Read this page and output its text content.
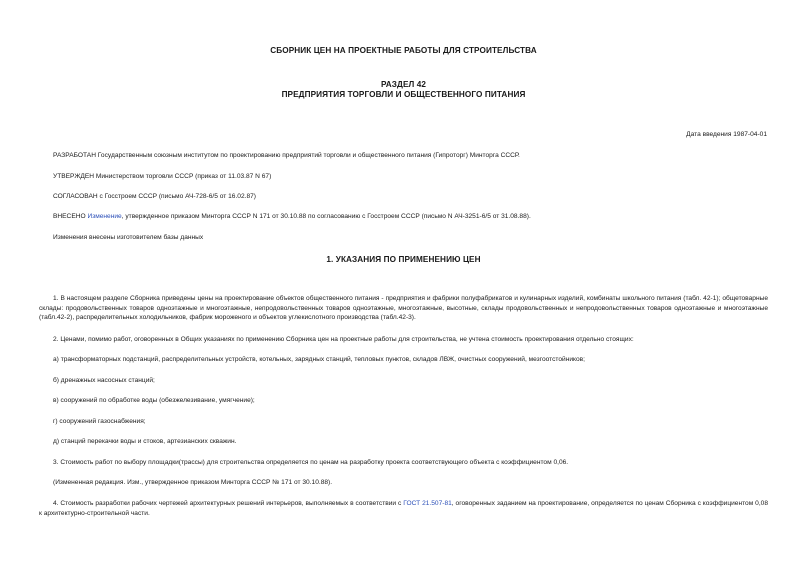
СБОРНИК ЦЕН НА ПРОЕКТНЫЕ РАБОТЫ ДЛЯ СТРОИТЕЛЬСТВА
РАЗДЕЛ 42
ПРЕДПРИЯТИЯ ТОРГОВЛИ И ОБЩЕСТВЕННОГО ПИТАНИЯ
Дата введения 1987-04-01
РАЗРАБОТАН Государственным союзным институтом по проектированию предприятий торговли и общественного питания (Гипроторг) Минторга СССР.
УТВЕРЖДЕН Министерством торговли СССР (приказ от 11.03.87 N 67)
СОГЛАСОВАН с Госстроем СССР (письмо АЧ-728-6/5 от 16.02.87)
ВНЕСЕНО Изменение, утвержденное приказом Минторга СССР N 171 от 30.10.88 по согласованию с Госстроем СССР (письмо N АЧ-3251-6/5 от 31.08.88).
Изменения внесены изготовителем базы данных
1. УКАЗАНИЯ ПО ПРИМЕНЕНИЮ ЦЕН
1. В настоящем разделе Сборника приведены цены на проектирование объектов общественного питания - предприятия и фабрики полуфабрикатов и кулинарных изделий, комбинаты школьного питания (табл. 42-1); общетоварные склады: продовольственных товаров одноэтажные и многоэтажные, непродовольственных товаров одноэтажные, многоэтажные, высотные, склады продовольственных и непродовольственных товаров одноэтажные и многоэтажные (табл.42-2), распределительных холодильников, фабрик мороженого и объектов углекислотного производства (табл.42-3).
2. Ценами, помимо работ, оговоренных в Общих указаниях по применению Сборника цен на проектные работы для строительства, не учтена стоимость проектирования отдельно стоящих:
а) трансформаторных подстанций, распределительных устройств, котельных, зарядных станций, тепловых пунктов, складов ЛВЖ, очистных сооружений, мезгоотстойников;
б) дренажных насосных станций;
в) сооружений по обработке воды (обезжелезивание, умягчение);
г) сооружений газоснабжения;
д) станций перекачки воды и стоков, артезианских скважин.
3. Стоимость работ по выбору площадки(трассы) для строительства определяется по ценам на разработку проекта соответствующего объекта с коэффициентом 0,06.
(Измененная редакция. Изм., утвержденное приказом Минторга СССР № 171 от 30.10.88).
4. Стоимость разработки рабочих чертежей архитектурных решений интерьеров, выполняемых в соответствии с ГОСТ 21.507-81, оговоренных заданием на проектирование, определяется по ценам Сборника с коэффициентом 0,08 к архитектурно-строительной части.
